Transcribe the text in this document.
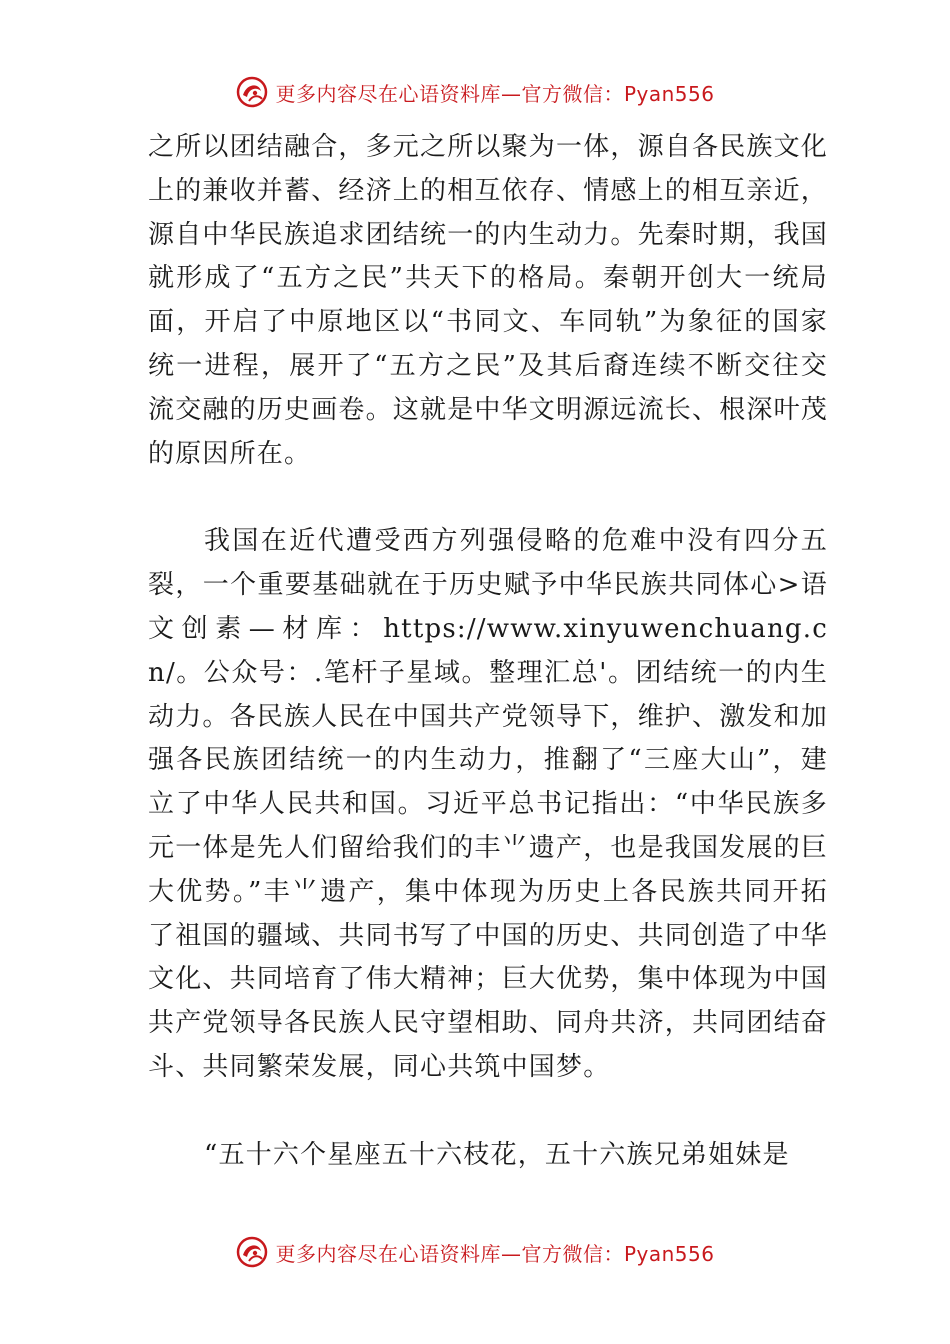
更多内容尽在心语资料库—官方微信：Pyan556

之所以团结融合，多元之所以聚为一体，源自各民族文化上的兼收并蓄、经济上的相互依存、情感上的相互亲近，源自中华民族追求团结统一的内生动力。先秦时期，我国就形成了“五方之民”共天下的格局。秦朝开创大一统局面，开启了中原地区以“书同文、车同轨”为象征的国家统一进程，展开了“五方之民”及其后裔连续不断交往交流交融的历史画卷。这就是中华文明源远流长、根深叶茂的原因所在。

我国在近代遭受西方列强侵略的危难中没有四分五裂，一个重要基础就在于历史赋予中华民族共同体心>语文创素—材库：https://www.xinyuwenchuang.cn/。公众号：.笔杆子星域。整理汇总'。团结统一的内生动力。各民族人民在中国共产党领导下，维护、激发和加强各民族团结统一的内生动力，推翻了“三座大山”，建立了中华人民共和国。习近平总书记指出：“中华民族多元一体是先人们留给我们的丰⺌遗产，也是我国发展的巨大优势。”丰⺌遗产，集中体现为历史上各民族共同开拓了祖国的疆域、共同书写了中国的历史、共同创造了中华文化、共同培育了伟大精神；巨大优势，集中体现为中国共产党领导各民族人民守望相助、同舟共济，共同团结奋斗、共同繁荣发展，同心共筑中国梦。

“五十六个星座五十六枝花，五十六族兄弟姐妹是

更多内容尽在心语资料库—官方微信：Pyan556
